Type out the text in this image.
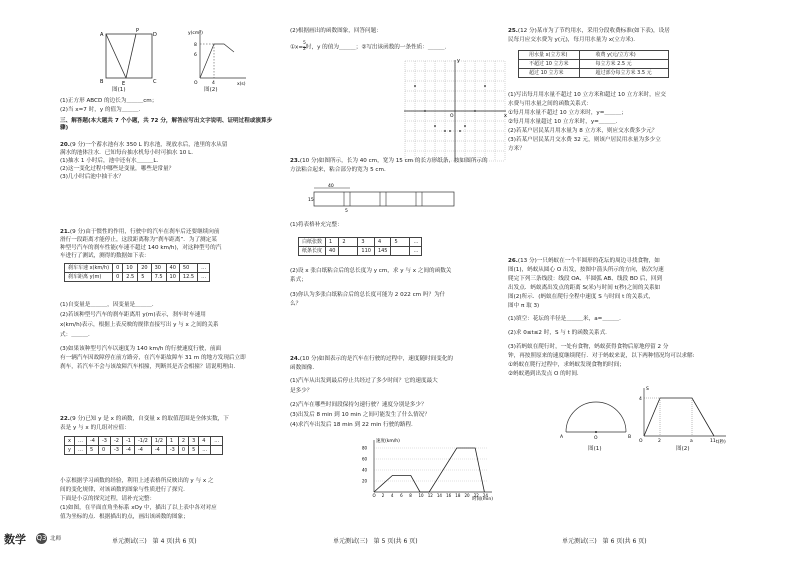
A	D
B	C
P
E
图(1)
y(cm²)
O	x(s)
8
6
4
图(2)
(1)正方形 ABCD 的边长为＿＿＿cm；
(2)当 x=7 时，y 的值为＿＿＿.
三、解答题(本大题共 7 个小题，共 72 分，解答应写出文字说明、证明过程或演算步骤)
20.(9 分)一个蓄水池有水 350 L 的水池，现放水后，池里的水从留
满水的池体注水．已知每台抽水机每小时可抽水 10 L.
(1)抽水 1 小时后，池中还有水＿＿＿L.
(2)这一变化过程中哪些是变量，哪些是常量？
(3)几小时后池中抽干水？
21.(9 分)由于惯性的作用，行驶中的汽车在刹车后还要继续向前
滑行一段距离才能停止，这段距离称为“刹车距离”．为了测定某
种型号汽车的刹车性能(车速不超过 140 km/h)，对这种型号的汽
车进行了测试，测得的数据如下表：
刹车车速 x(km/h)	0	10	20	30	40	50	…
刹车距离 y(m)	0	2.5	5	7.5	10	12.5	…
(1)自变量是＿＿＿，因变量是＿＿＿.
(2)若该种型号汽车的刹车距离用 y(m)表示，刹车时车速用
x(km/h)表示，根据上表反映的规律直接写出 y 与 x 之间的关系
式：＿＿＿.
(3)如果该种型号汽车以速度为 140 km/h 的行驶速度行驶，前面
有一辆汽车因故障停在前方路旁，在汽车距故障车 31 m 的地方发现后立即
刹车，若汽车不会与该故障汽车相撞，判断其是否会相撞？请说明理由.
22.(9 分)已知 y 是 x 的函数，自变量 x 的取值范围是全体实数，下
表是 y 与 x 的几组对应值：
x	…	-4	-3	-2	-1	-1/2	1/2	1	2	3	4	…
y	…	5	0	-3	-4	-4	-4	-3	0	5	…	
小京根据学习函数的经验，利用上述表格所反映出的 y 与 x 之
间的变化规律，对该函数的图象与性质进行了探究.
下面是小京的探究过程，请补充完整：
(1)如图，在平面直角坐标系 xOy 中，描出了以上表中各对对应
值为坐标的点．根据描出的点，画出该函数的图象；
(2)根据画出的函数图象，回答问题：
①x= $\frac{5}{2}$ 时，y 的值为＿＿＿；②写出该函数的一条性质：＿＿＿.
y
x
O
23.(10 分)如图所示，长为 40 cm，宽为 15 cm 的长方形纸条，按如图所示的
方法粘合起来，粘合部分的宽为 5 cm.
40
15
5
(1)将表格补充完整：
白纸张数	1	2	3	4	5	…
纸条长度	40		110	145		…
(2)设 x 张白纸粘合后的总长度为 y cm，求 y 与 x 之间的函数关
系式；
(3)你认为多张白纸粘合后的总长度可能为 2 022 cm 吗？为什
么？
24.(10 分)如图表示的是汽车在行驶的过程中，速度随时间变化的
函数图像.
(1)汽车从出发到最后停止共经过了多少时间？它的速度最大
是多少？
(2)汽车在哪些时间段保持匀速行驶？速度分别是多少？
(3)出发后 8 min 到 10 min 之间可能发生了什么情况？
(4)求汽车出发后 18 min 到 22 min 行驶的路程.
速度(km/h)
时间(min)
O 2 4 6 8 10 12 14 16 18 20 22 24
80
60
40
20
25.(12 分)某市为了节约用水，采用分段收费标准(如下表)，设居
民每月应交水费为 y(元)，每月用水量为 x(立方米).
用水量 x(立方米)	收费 y(元/立方米)
不超过 10 立方米	每立方米 2.5 元
超过 10 立方米	超过部分每立方米 3.5 元
(1)写出每月用水量不超过 10 立方米和超过 10 立方米时，应交
水费与用水量之间的函数关系式：
①每月用水量不超过 10 立方米时，y=＿＿＿；
②每月用水量超过 10 立方米时，y=＿＿＿.
(2)若某户居民某月用水量为 8 立方米，则应交水费多少元？
(3)若某户居民某月交水费 32 元，则该户居民用水量为多少立
方米？
26.(13 分)一只蚂蚁在一个半圆形的花坛的周边寻找食物，如
图(1)，蚂蚁从圆心 O 出发，按图中箭头所示的方向，依次匀速
爬完下列三条线段：线段 OA、半圆弧 AB、线段 BO 后，回到
出发点．蚂蚁离出发点的距离 S(米)与时间 t(秒)之间的关系如
图(2)所示．(蚂蚁在爬行全程中速度 S 与时间 t 的关系式，
图中 π 取 3)
(1)填空：花坛的半径是＿＿＿米，a=＿＿＿.
(2)求 0≤t≤2 时，S 与 t 的函数关系式.
(3)若蚂蚁在爬行时，一处有食物，蚂蚁获得食物后原地停留 2 分
钟，再按照原来的速度继续爬行．对于蚂蚁来说，以下两种情况均可以求解:
①蚂蚁在爬行过程中，求蚂蚁发现食物的时间；
②蚂蚁遇到出发点 O 的时间.
A	O	B
图(1)
S
t(秒)
O
4
2	a	11
图(2)
数学 Q3 北师	单元测试(三)　第 4 页(共 6 页)	单元测试(三)　第 5 页(共 6 页)	单元测试(三)　第 6 页(共 6 页)
